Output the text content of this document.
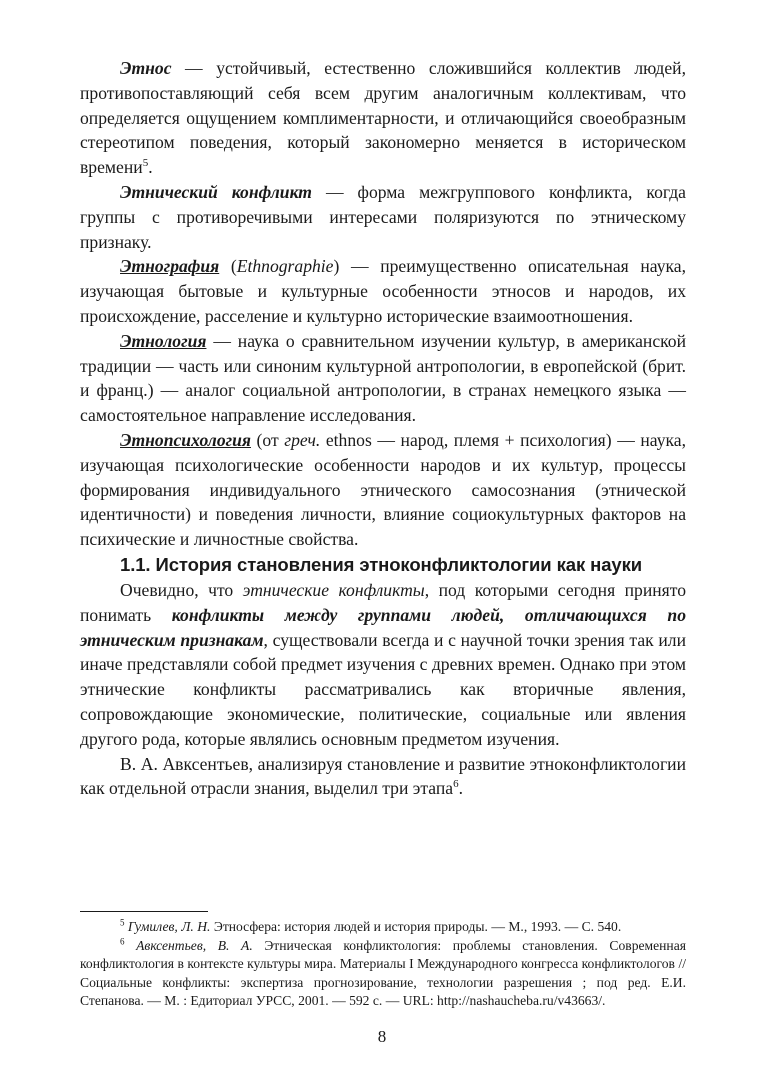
Этнос — устойчивый, естественно сложившийся коллектив людей, противопоставляющий себя всем другим аналогичным коллективам, что определяется ощущением комплиментарности, и отличающийся своеобразным стереотипом поведения, который закономерно меняется в историческом времени$^5$.

Этнический конфликт — форма межгруппового конфликта, когда группы с противоречивыми интересами поляризуются по этническому признаку.

Этнография (Ethnographie) — преимущественно описательная наука, изучающая бытовые и культурные особенности этносов и народов, их происхождение, расселение и культурно исторические взаимоотношения.

Этнология — наука о сравнительном изучении культур, в американской традиции — часть или синоним культурной антропологии, в европейской (брит. и франц.) — аналог социальной антропологии, в странах немецкого языка — самостоятельное направление исследования.

Этнопсихология (от греч. ethnos — народ, племя + психология) — наука, изучающая психологические особенности народов и их культур, процессы формирования индивидуального этнического самосознания (этнической идентичности) и поведения личности, влияние социокультурных факторов на психические и личностные свойства.

1.1. История становления этноконфликтологии как науки

Очевидно, что этнические конфликты, под которыми сегодня принято понимать конфликты между группами людей, отличающихся по этническим признакам, существовали всегда и с научной точки зрения так или иначе представляли собой предмет изучения с древних времен. Однако при этом этнические конфликты рассматривались как вторичные явления, сопровождающие экономические, политические, социальные или явления другого рода, которые являлись основным предметом изучения.

В. А. Авксентьев, анализируя становление и развитие этноконфликтологии как отдельной отрасли знания, выделил три этапа$^6$.

$^5$ Гумилев, Л. Н. Этносфера: история людей и история природы. — М., 1993. — С. 540.

$^6$ Авксентьев, В. А. Этническая конфликтология: проблемы становления. Современная конфликтология в контексте культуры мира. Материалы I Международного конгресса конфликтологов // Социальные конфликты: экспертиза прогнозирование, технологии разрешения ; под ред. Е.И. Степанова. — М. : Едиториал УРСС, 2001. — 592 с. — URL: http://nashaucheba.ru/v43663/.

8
